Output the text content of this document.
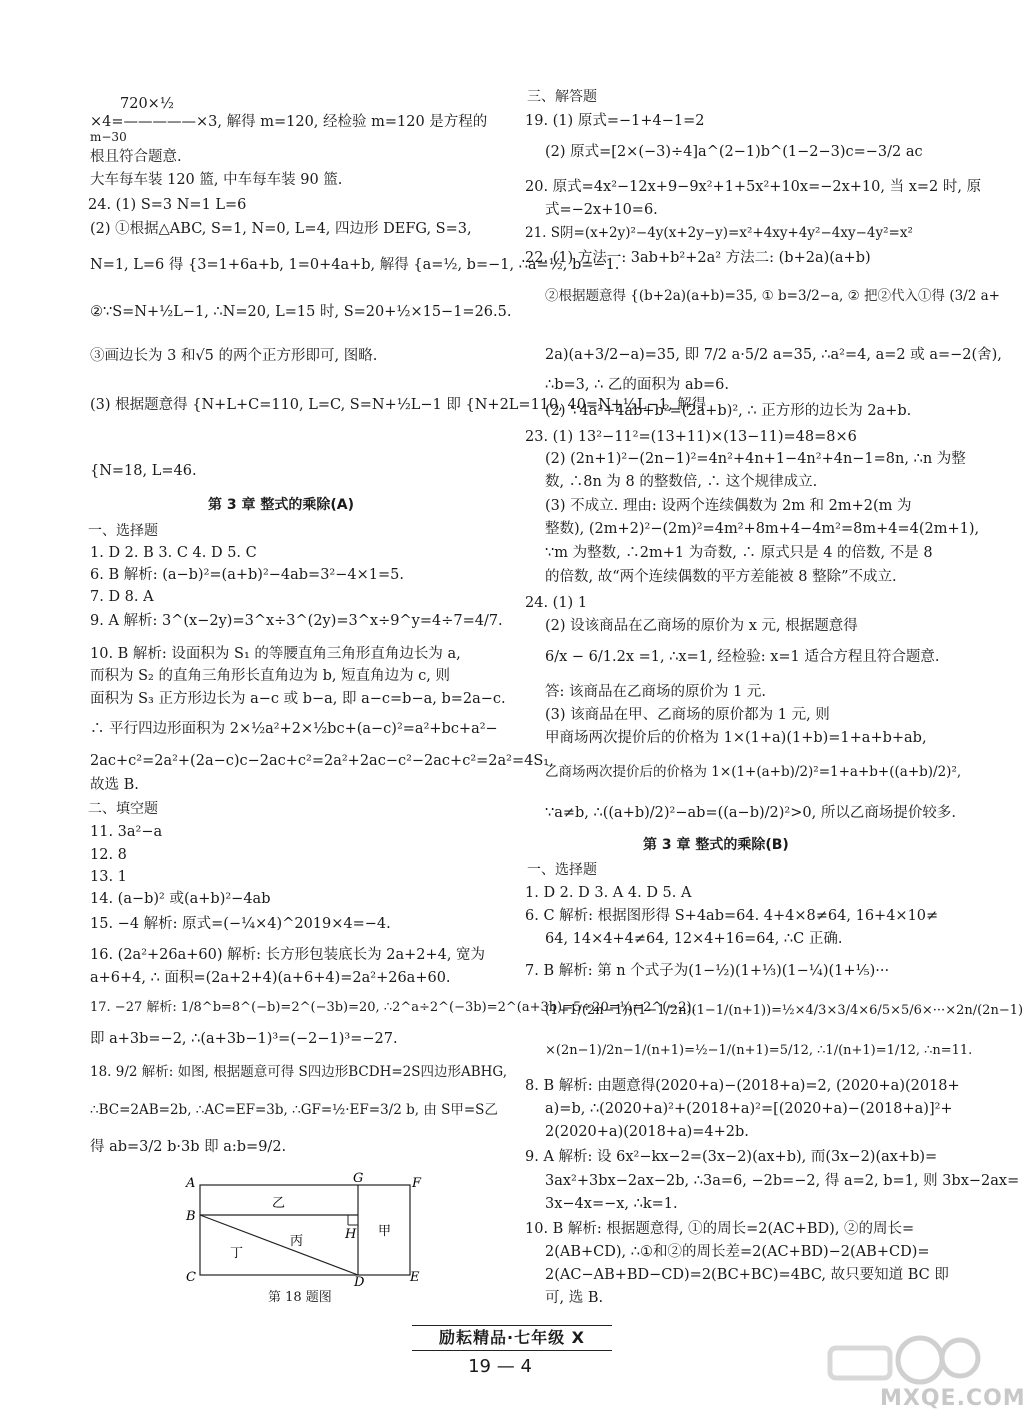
720×½
×4=—————×3, 解得 m=120, 经检验 m=120 是方程的
m−30
根且符合题意.
大车每车装 120 篮, 中车每车装 90 篮.
24. (1) S=3 N=1 L=6
(2) ①根据△ABC, S=1, N=0, L=4, 四边形 DEFG, S=3,
N=1, L=6 得 {3=1+6a+b, 1=0+4a+b, 解得 {a=½, b=−1, ∴a=½, b=−1.
②∵S=N+½L−1, ∴N=20, L=15 时, S=20+½×15−1=26.5.
③画边长为 3 和√5 的两个正方形即可, 图略.
(3) 根据题意得 {N+L+C=110, L=C, S=N+½L−1 即 {N+2L=110, 40=N+½L−1, 解得
{N=18, L=46.
第 3 章 整式的乘除(A)
一、选择题
1. D 2. B 3. C 4. D 5. C
6. B 解析: (a−b)²=(a+b)²−4ab=3²−4×1=5.
7. D 8. A
9. A 解析: 3^(x−2y)=3^x÷3^(2y)=3^x÷9^y=4÷7=4/7.
10. B 解析: 设面积为 S₁ 的等腰直角三角形直角边长为 a,
而积为 S₂ 的直角三角形长直角边为 b, 短直角边为 c, 则
面积为 S₃ 正方形边长为 a−c 或 b−a, 即 a−c=b−a, b=2a−c.
∴ 平行四边形面积为 2×½a²+2×½bc+(a−c)²=a²+bc+a²−
2ac+c²=2a²+(2a−c)c−2ac+c²=2a²+2ac−c²−2ac+c²=2a²=4S₁,
故选 B.
二、填空题
11. 3a²−a
12. 8
13. 1
14. (a−b)² 或(a+b)²−4ab
15. −4 解析: 原式=(−¼×4)^2019×4=−4.
16. (2a²+26a+60) 解析: 长方形包装底长为 2a+2+4, 宽为
a+6+4, ∴ 面积=(2a+2+4)(a+6+4)=2a²+26a+60.
17. −27 解析: 1/8^b=8^(−b)=2^(−3b)=20, ∴2^a÷2^(−3b)=2^(a+3b)=5÷20=¼=2^(−2),
即 a+3b=−2, ∴(a+3b−1)³=(−2−1)³=−27.
18. 9/2 解析: 如图, 根据题意可得 S四边形BCDH=2S四边形ABHG,
∴BC=2AB=2b, ∴AC=EF=3b, ∴GF=½·EF=3/2 b, 由 S甲=S乙
得 ab=3/2 b·3b 即 a:b=9/2.
A	G	F
B
H
C	D	E
乙
丙
丁
甲
第 18 题图
三、解答题
19. (1) 原式=−1+4−1=2
(2) 原式=[2×(−3)÷4]a^(2−1)b^(1−2−3)c=−3/2 ac
20. 原式=4x²−12x+9−9x²+1+5x²+10x=−2x+10, 当 x=2 时, 原
式=−2x+10=6.
21. S阴=(x+2y)²−4y(x+2y−y)=x²+4xy+4y²−4xy−4y²=x²
22. (1) 方法一: 3ab+b²+2a² 方法二: (b+2a)(a+b)
②根据题意得 {(b+2a)(a+b)=35, ① b=3/2−a, ② 把②代入①得 (3/2 a+
2a)(a+3/2−a)=35, 即 7/2 a·5/2 a=35, ∴a²=4, a=2 或 a=−2(舍),
∴b=3, ∴ 乙的面积为 ab=6.
(2) ∵4a²+4ab+b²=(2a+b)², ∴ 正方形的边长为 2a+b.
23. (1) 13²−11²=(13+11)×(13−11)=48=8×6
(2) (2n+1)²−(2n−1)²=4n²+4n+1−4n²+4n−1=8n, ∴n 为整
数, ∴8n 为 8 的整数倍, ∴ 这个规律成立.
(3) 不成立. 理由: 设两个连续偶数为 2m 和 2m+2(m 为
整数), (2m+2)²−(2m)²=4m²+8m+4−4m²=8m+4=4(2m+1),
∵m 为整数, ∴2m+1 为奇数, ∴ 原式只是 4 的倍数, 不是 8
的倍数, 故“两个连续偶数的平方差能被 8 整除”不成立.
24. (1) 1
(2) 设该商品在乙商场的原价为 x 元, 根据题意得
6/x − 6/1.2x =1, ∴x=1, 经检验: x=1 适合方程且符合题意.
答: 该商品在乙商场的原价为 1 元.
(3) 该商品在甲、乙商场的原价都为 1 元, 则
甲商场两次提价后的价格为 1×(1+a)(1+b)=1+a+b+ab,
乙商场两次提价后的价格为 1×(1+(a+b)/2)²=1+a+b+((a+b)/2)²,
∵a≠b, ∴((a+b)/2)²−ab=((a−b)/2)²>0, 所以乙商场提价较多.
第 3 章 整式的乘除(B)
一、选择题
1. D 2. D 3. A 4. D 5. A
6. C 解析: 根据图形得 S+4ab=64. 4+4×8≠64, 16+4×10≠
64, 14×4+4≠64, 12×4+16=64, ∴C 正确.
7. B 解析: 第 n 个式子为(1−½)(1+⅓)(1−¼)(1+⅕)···
(1+1/(2n−1))(1−1/2n)(1−1/(n+1))=½×4/3×3/4×6/5×5/6×···×2n/(2n−1)
×(2n−1)/2n−1/(n+1)=½−1/(n+1)=5/12, ∴1/(n+1)=1/12, ∴n=11.
8. B 解析: 由题意得(2020+a)−(2018+a)=2, (2020+a)(2018+
a)=b, ∴(2020+a)²+(2018+a)²=[(2020+a)−(2018+a)]²+
2(2020+a)(2018+a)=4+2b.
9. A 解析: 设 6x²−kx−2=(3x−2)(ax+b), 而(3x−2)(ax+b)=
3ax²+3bx−2ax−2b, ∴3a=6, −2b=−2, 得 a=2, b=1, 则 3bx−2ax=
3x−4x=−x, ∴k=1.
10. B 解析: 根据题意得, ①的周长=2(AC+BD), ②的周长=
2(AB+CD), ∴①和②的周长差=2(AC+BD)−2(AB+CD)=
2(AC−AB+BD−CD)=2(BC+BC)=4BC, 故只要知道 BC 即
可, 选 B.
励耘精品·七年级 X
19 — 4
MXQE.COM
